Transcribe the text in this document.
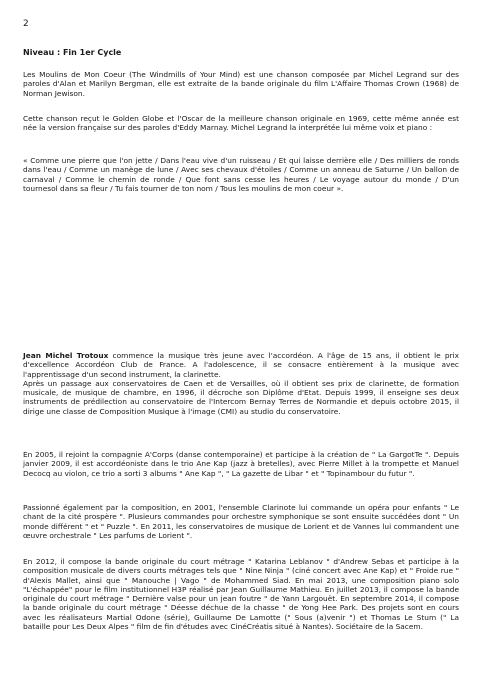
2
Niveau : Fin 1er Cycle
Les Moulins de Mon Coeur (The Windmills of Your Mind) est une chanson composée par Michel Legrand sur des paroles d'Alan et Marilyn Bergman, elle est extraite de la bande originale du film L'Affaire Thomas Crown (1968) de Norman Jewison.
Cette chanson reçut le Golden Globe et l'Oscar de la meilleure chanson originale en 1969, cette même année est née la version française sur des paroles d'Eddy Marnay. Michel Legrand la interprétée lui même voix et piano :
« Comme une pierre que l'on jette / Dans l'eau vive d'un ruisseau / Et qui laisse derrière elle / Des milliers de ronds dans l'eau / Comme un manège de lune / Avec ses chevaux d'étoiles / Comme un anneau de Saturne / Un ballon de carnaval / Comme le chemin de ronde / Que font sans cesse les heures / Le voyage autour du monde / D'un tournesol dans sa fleur / Tu fais tourner de ton nom / Tous les moulins de mon coeur ».
Jean Michel Trotoux commence la musique très jeune avec l'accordéon. A l'âge de 15 ans, il obtient le prix d'excellence Accordéon Club de France. A l'adolescence, il se consacre entièrement à la musique avec l'apprentissage d'un second instrument, la clarinette.

Après un passage aux conservatoires de Caen et de Versailles, où il obtient ses prix de clarinette, de formation musicale, de musique de chambre, en 1996, il décroche son Diplôme d'Etat. Depuis 1999, il enseigne ses deux instruments de prédilection au conservatoire de l'Intercom Bernay Terres de Normandie et depuis octobre 2015, il dirige une classe de Composition Musique à l'image (CMI) au studio du conservatoire.

En 2005, il rejoint la compagnie A'Corps (danse contemporaine) et participe à la création de " La GargotTe ". Depuis janvier 2009, il est accordéoniste dans le trio Ane Kap (jazz à bretelles), avec Pierre Millet à la trompette et Manuel Decocq au violon, ce trio a sorti 3 albums " Ane Kap ", " La gazette de Libar " et " Topinambour du futur ".
Passionné également par la composition, en 2001, l'ensemble Clarinote lui commande un opéra pour enfants " Le chant de la cité prospère ". Plusieurs commandes pour orchestre symphonique se sont ensuite succédées dont " Un monde différent " et " Puzzle ". En 2011, les conservatoires de musique de Lorient et de Vannes lui commandent une œuvre orchestrale " Les parfums de Lorient ".
En 2012, il compose la bande originale du court métrage " Katarina Leblanov " d'Andrew Sebas et participe à la composition musicale de divers courts métrages tels que " Nine Ninja " (ciné concert avec Ane Kap) et " Froide rue " d'Alexis Mallet, ainsi que " Manouche | Vago " de Mohammed Siad. En mai 2013, une composition piano solo "L'échappée" pour le film institutionnel H3P réalisé par Jean Guillaume Mathieu. En juillet 2013, il compose la bande originale du court métrage " Dernière valse pour un jean foutre " de Yann Largouët. En septembre 2014, il compose la bande originale du court métrage " Déesse déchue de la chasse " de Yong Hee Park. Des projets sont en cours avec les réalisateurs Martial Odone (série), Guillaume De Lamotte (" Sous (a)venir ") et Thomas Le Stum (" La bataille pour Les Deux Alpes " film de fin d'études avec CinéCréatis situé à Nantes). Sociétaire de la Sacem.
